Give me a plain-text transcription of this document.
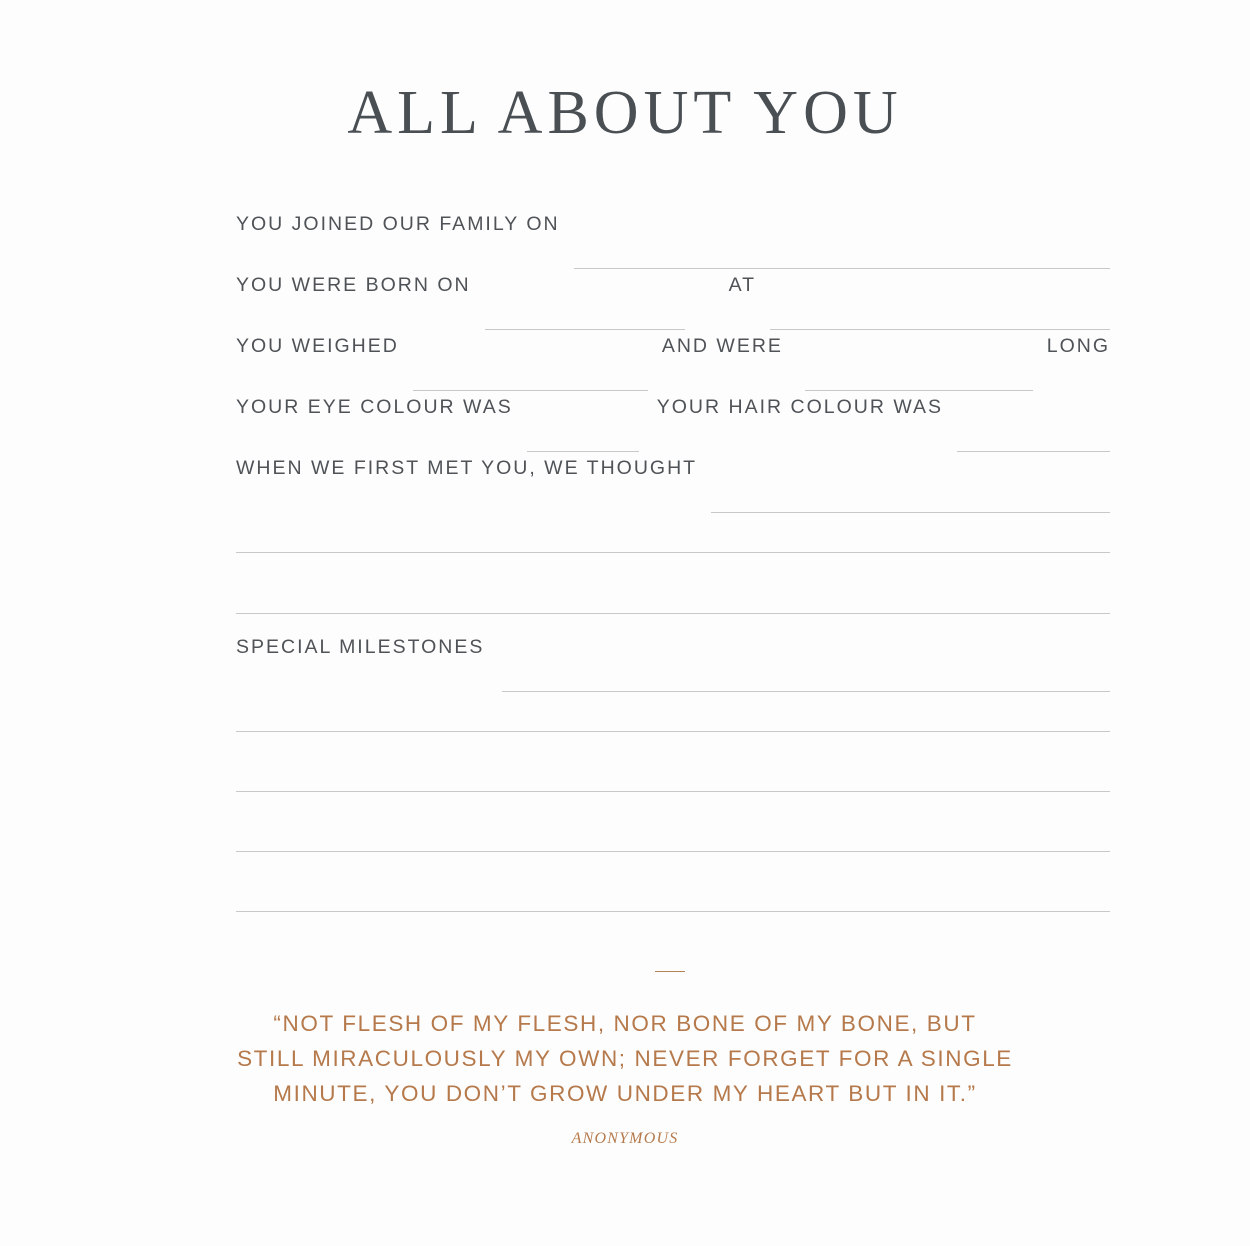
ALL ABOUT YOU
YOU JOINED OUR FAMILY ON
YOU WERE BORN ON	AT
YOU WEIGHED	AND WERE	LONG
YOUR EYE COLOUR WAS	YOUR HAIR COLOUR WAS
WHEN WE FIRST MET YOU, WE THOUGHT
SPECIAL MILESTONES
“NOT FLESH OF MY FLESH, NOR BONE OF MY BONE, BUT
STILL MIRACULOUSLY MY OWN; NEVER FORGET FOR A SINGLE
MINUTE, YOU DON’T GROW UNDER MY HEART BUT IN IT.”
ANONYMOUS
